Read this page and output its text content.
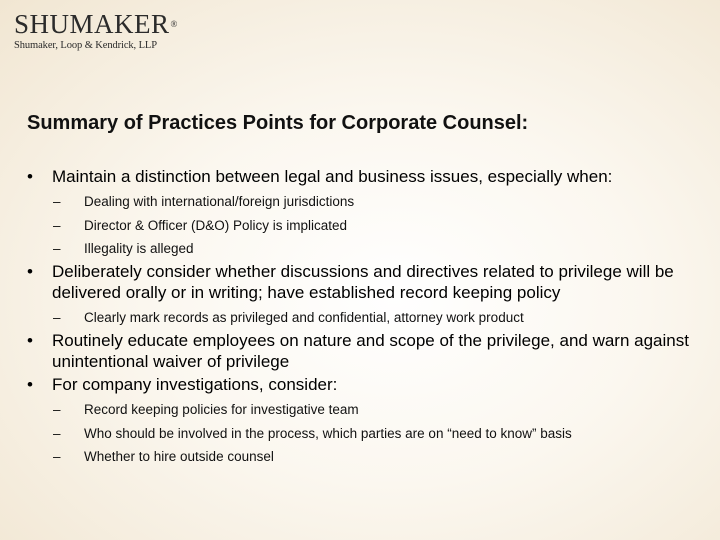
SHUMAKER®
Shumaker, Loop & Kendrick, LLP
Summary of Practices Points for Corporate Counsel:
• Maintain a distinction between legal and business issues, especially when:
– Dealing with international/foreign jurisdictions
– Director & Officer (D&O) Policy is implicated
– Illegality is alleged
• Deliberately consider whether discussions and directives related to privilege will be delivered orally or in writing; have established record keeping policy
– Clearly mark records as privileged and confidential, attorney work product
• Routinely educate employees on nature and scope of the privilege, and warn against unintentional waiver of privilege
• For company investigations, consider:
– Record keeping policies for investigative team
– Who should be involved in the process, which parties are on “need to know” basis
– Whether to hire outside counsel
